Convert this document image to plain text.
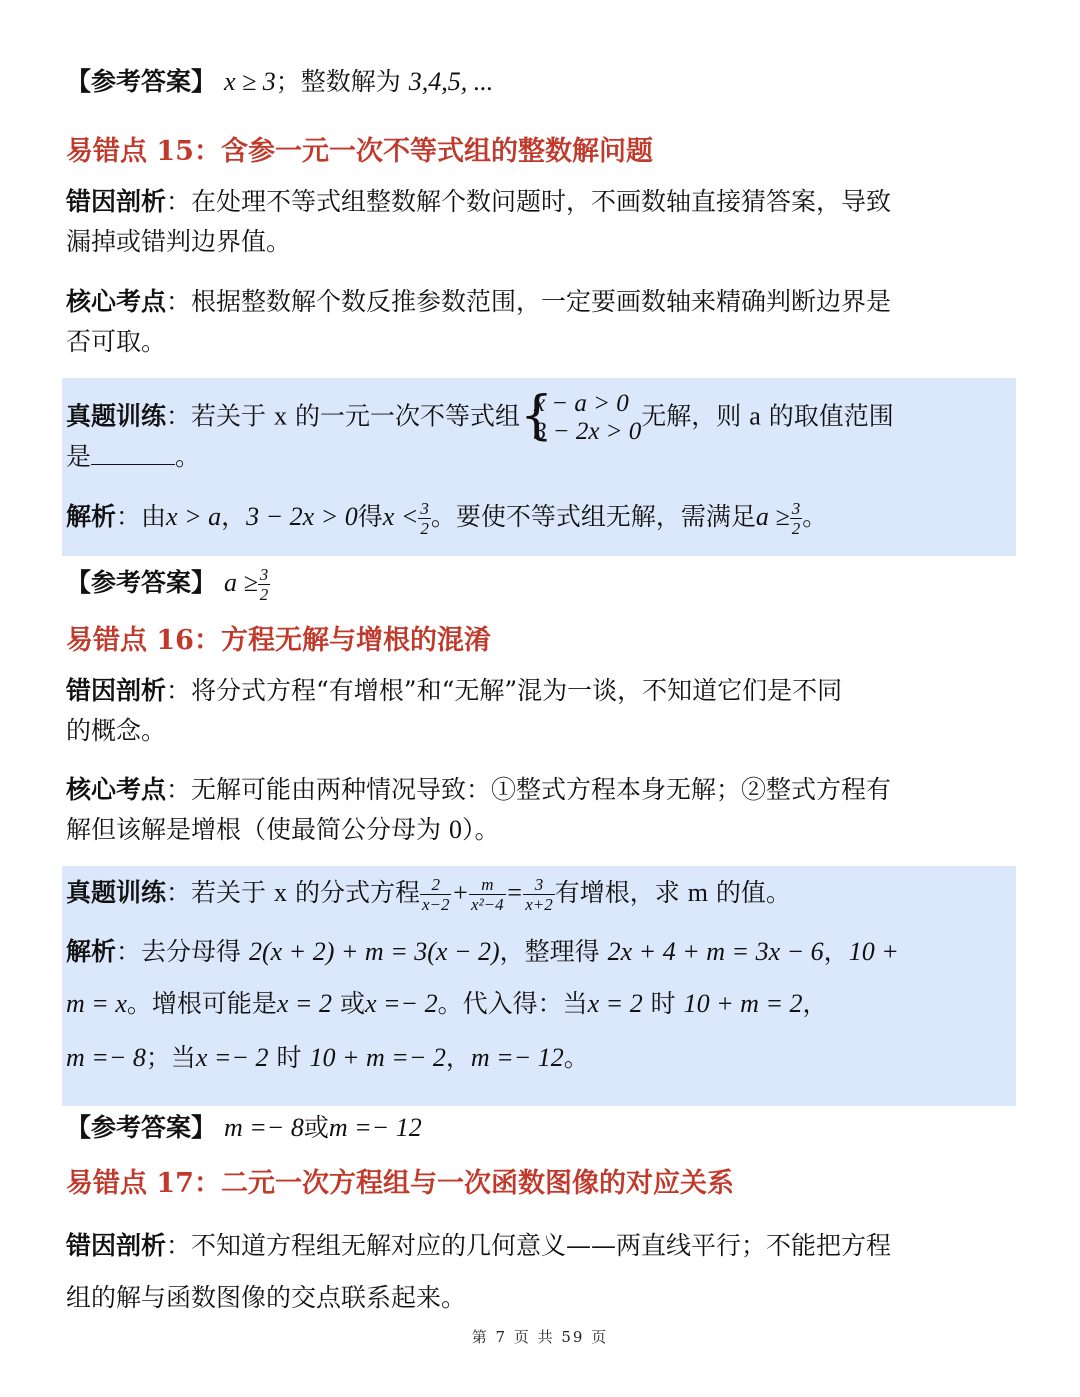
【参考答案】 x ≥ 3；整数解为 3,4,5, ...
易错点 15：含参一元一次不等式组的整数解问题
错因剖析：在处理不等式组整数解个数问题时，不画数轴直接猜答案，导致
漏掉或错判边界值。
核心考点：根据整数解个数反推参数范围，一定要画数轴来精确判断边界是
否可取。
真题训练：若关于 x 的一元一次不等式组 {
x − a > 0
3 − 2x > 0
无解，则 a 的取值范围
是	。
解析：由x > a，3 − 2x > 0得$x < \frac{3}{2}$ 。要使不等式组无解，需满足$a \ge \frac{3}{2}$ 。
【参考答案】 $a \ge \frac{3}{2}$
易错点 16：方程无解与增根的混淆
错因剖析：将分式方程“有增根”和“无解”混为一谈，不知道它们是不同
的概念。
核心考点：无解可能由两种情况导致：①整式方程本身无解；②整式方程有
解但该解是增根（使最简公分母为 0）。
真题训练：若关于 x 的分式方程 $\frac{2}{x-2} + \frac{m}{\text{x²−4}} = \frac{3}{x+2}$ 有增根，求 m 的值。
解析：去分母得 2(x + 2) + m = 3(x − 2)，整理得 2x + 4 + m = 3x − 6，10 +
m = x。增根可能是x = 2 或x =− 2。代入得：当x = 2 时 10 + m = 2，
m =− 8；当x =− 2 时 10 + m =− 2，m =− 12。
【参考答案】 m =− 8或m =− 12
易错点 17：二元一次方程组与一次函数图像的对应关系
错因剖析：不知道方程组无解对应的几何意义——两直线平行；不能把方程
组的解与函数图像的交点联系起来。
第 7 页 共 59 页
